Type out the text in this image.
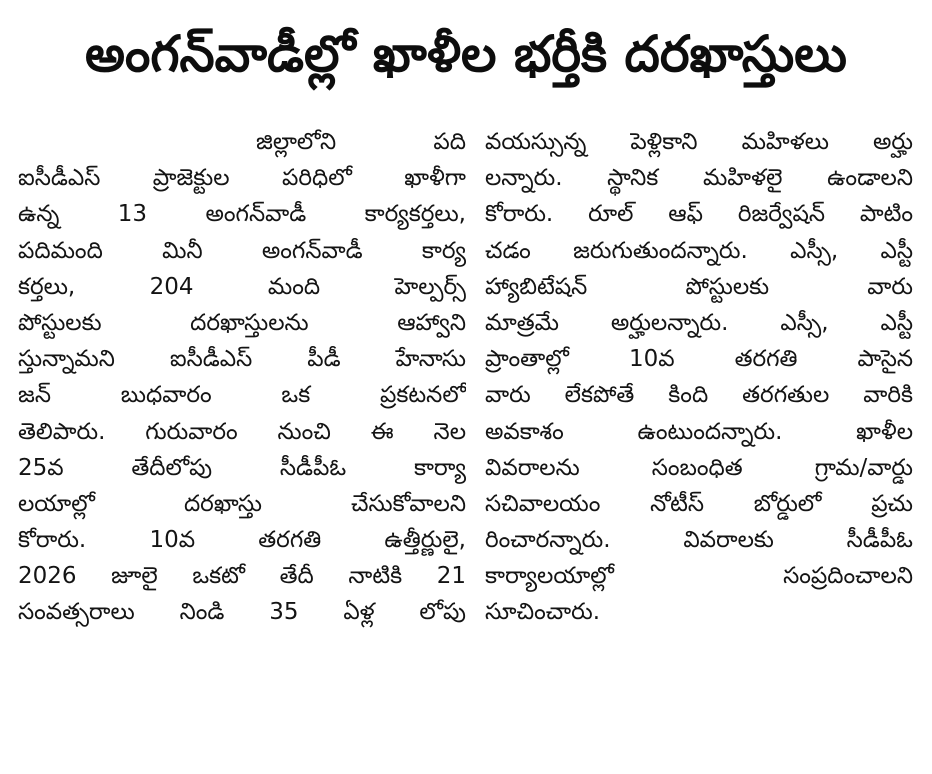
అంగన్‌వాడీల్లో ఖాళీల భర్తీకి దరఖాస్తులు
జిల్లాలోని పది
ఐసీడీఎస్ ప్రాజెక్టుల పరిధిలో ఖాళీగా
ఉన్న 13 అంగన్‌వాడీ కార్యకర్తలు,
పదిమంది మినీ అంగన్‌వాడీ కార్య
కర్తలు, 204 మంది హెల్పర్స్
పోస్టులకు దరఖాస్తులను ఆహ్వాని
స్తున్నామని ఐసీడీఎస్ పీడీ హేనాసు
జన్ బుధవారం ఒక ప్రకటనలో
తెలిపారు. గురువారం నుంచి ఈ నెల
25వ తేదీలోపు సీడీపీఓ కార్యా
లయాల్లో దరఖాస్తు చేసుకోవాలని
కోరారు. 10వ తరగతి ఉత్తీర్ణులై,
2026 జూలై ఒకటో తేదీ నాటికి 21
సంవత్సరాలు నిండి 35 ఏళ్ల లోపు
వయస్సున్న పెళ్లికాని మహిళలు అర్హు
లన్నారు. స్థానిక మహిళలై ఉండాలని
కోరారు. రూల్ ఆఫ్ రిజర్వేషన్ పాటిం
చడం జరుగుతుందన్నారు. ఎస్సీ, ఎస్టీ
హ్యాబిటేషన్ పోస్టులకు వారు
మాత్రమే అర్హులన్నారు. ఎస్సీ, ఎస్టీ
ప్రాంతాల్లో 10వ తరగతి పాసైన
వారు లేకపోతే కింది తరగతుల వారికి
అవకాశం ఉంటుందన్నారు. ఖాళీల
వివరాలను సంబంధిత గ్రామ/వార్డు
సచివాలయం నోటీస్ బోర్డులో ప్రచు
రించారన్నారు. వివరాలకు సీడీపీఓ
కార్యాలయాల్లో సంప్రదించాలని
సూచించారు.
